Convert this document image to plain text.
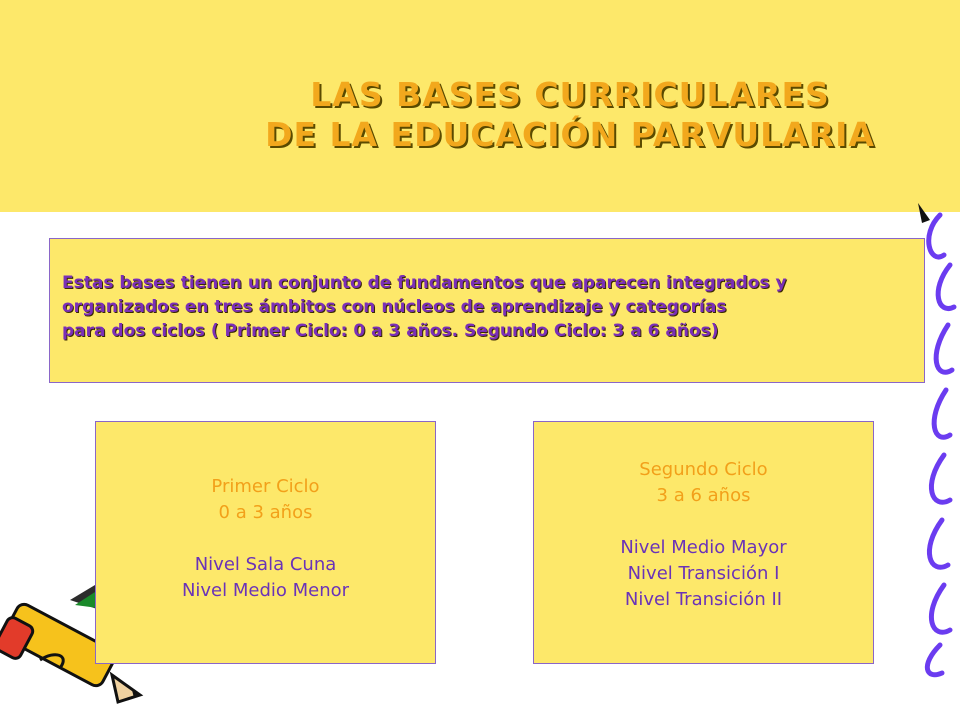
LAS BASES CURRICULARES
DE LA EDUCACIÓN PARVULARIA
Estas bases tienen un conjunto de fundamentos que aparecen integrados y
organizados en tres ámbitos con núcleos de aprendizaje y categorías
para dos ciclos ( Primer Ciclo: 0 a 3 años. Segundo Ciclo: 3 a 6 años)
Primer Ciclo
0 a 3 años
Nivel Sala Cuna
Nivel Medio Menor
Segundo Ciclo
3 a 6 años
Nivel Medio Mayor
Nivel Transición I
Nivel Transición II
